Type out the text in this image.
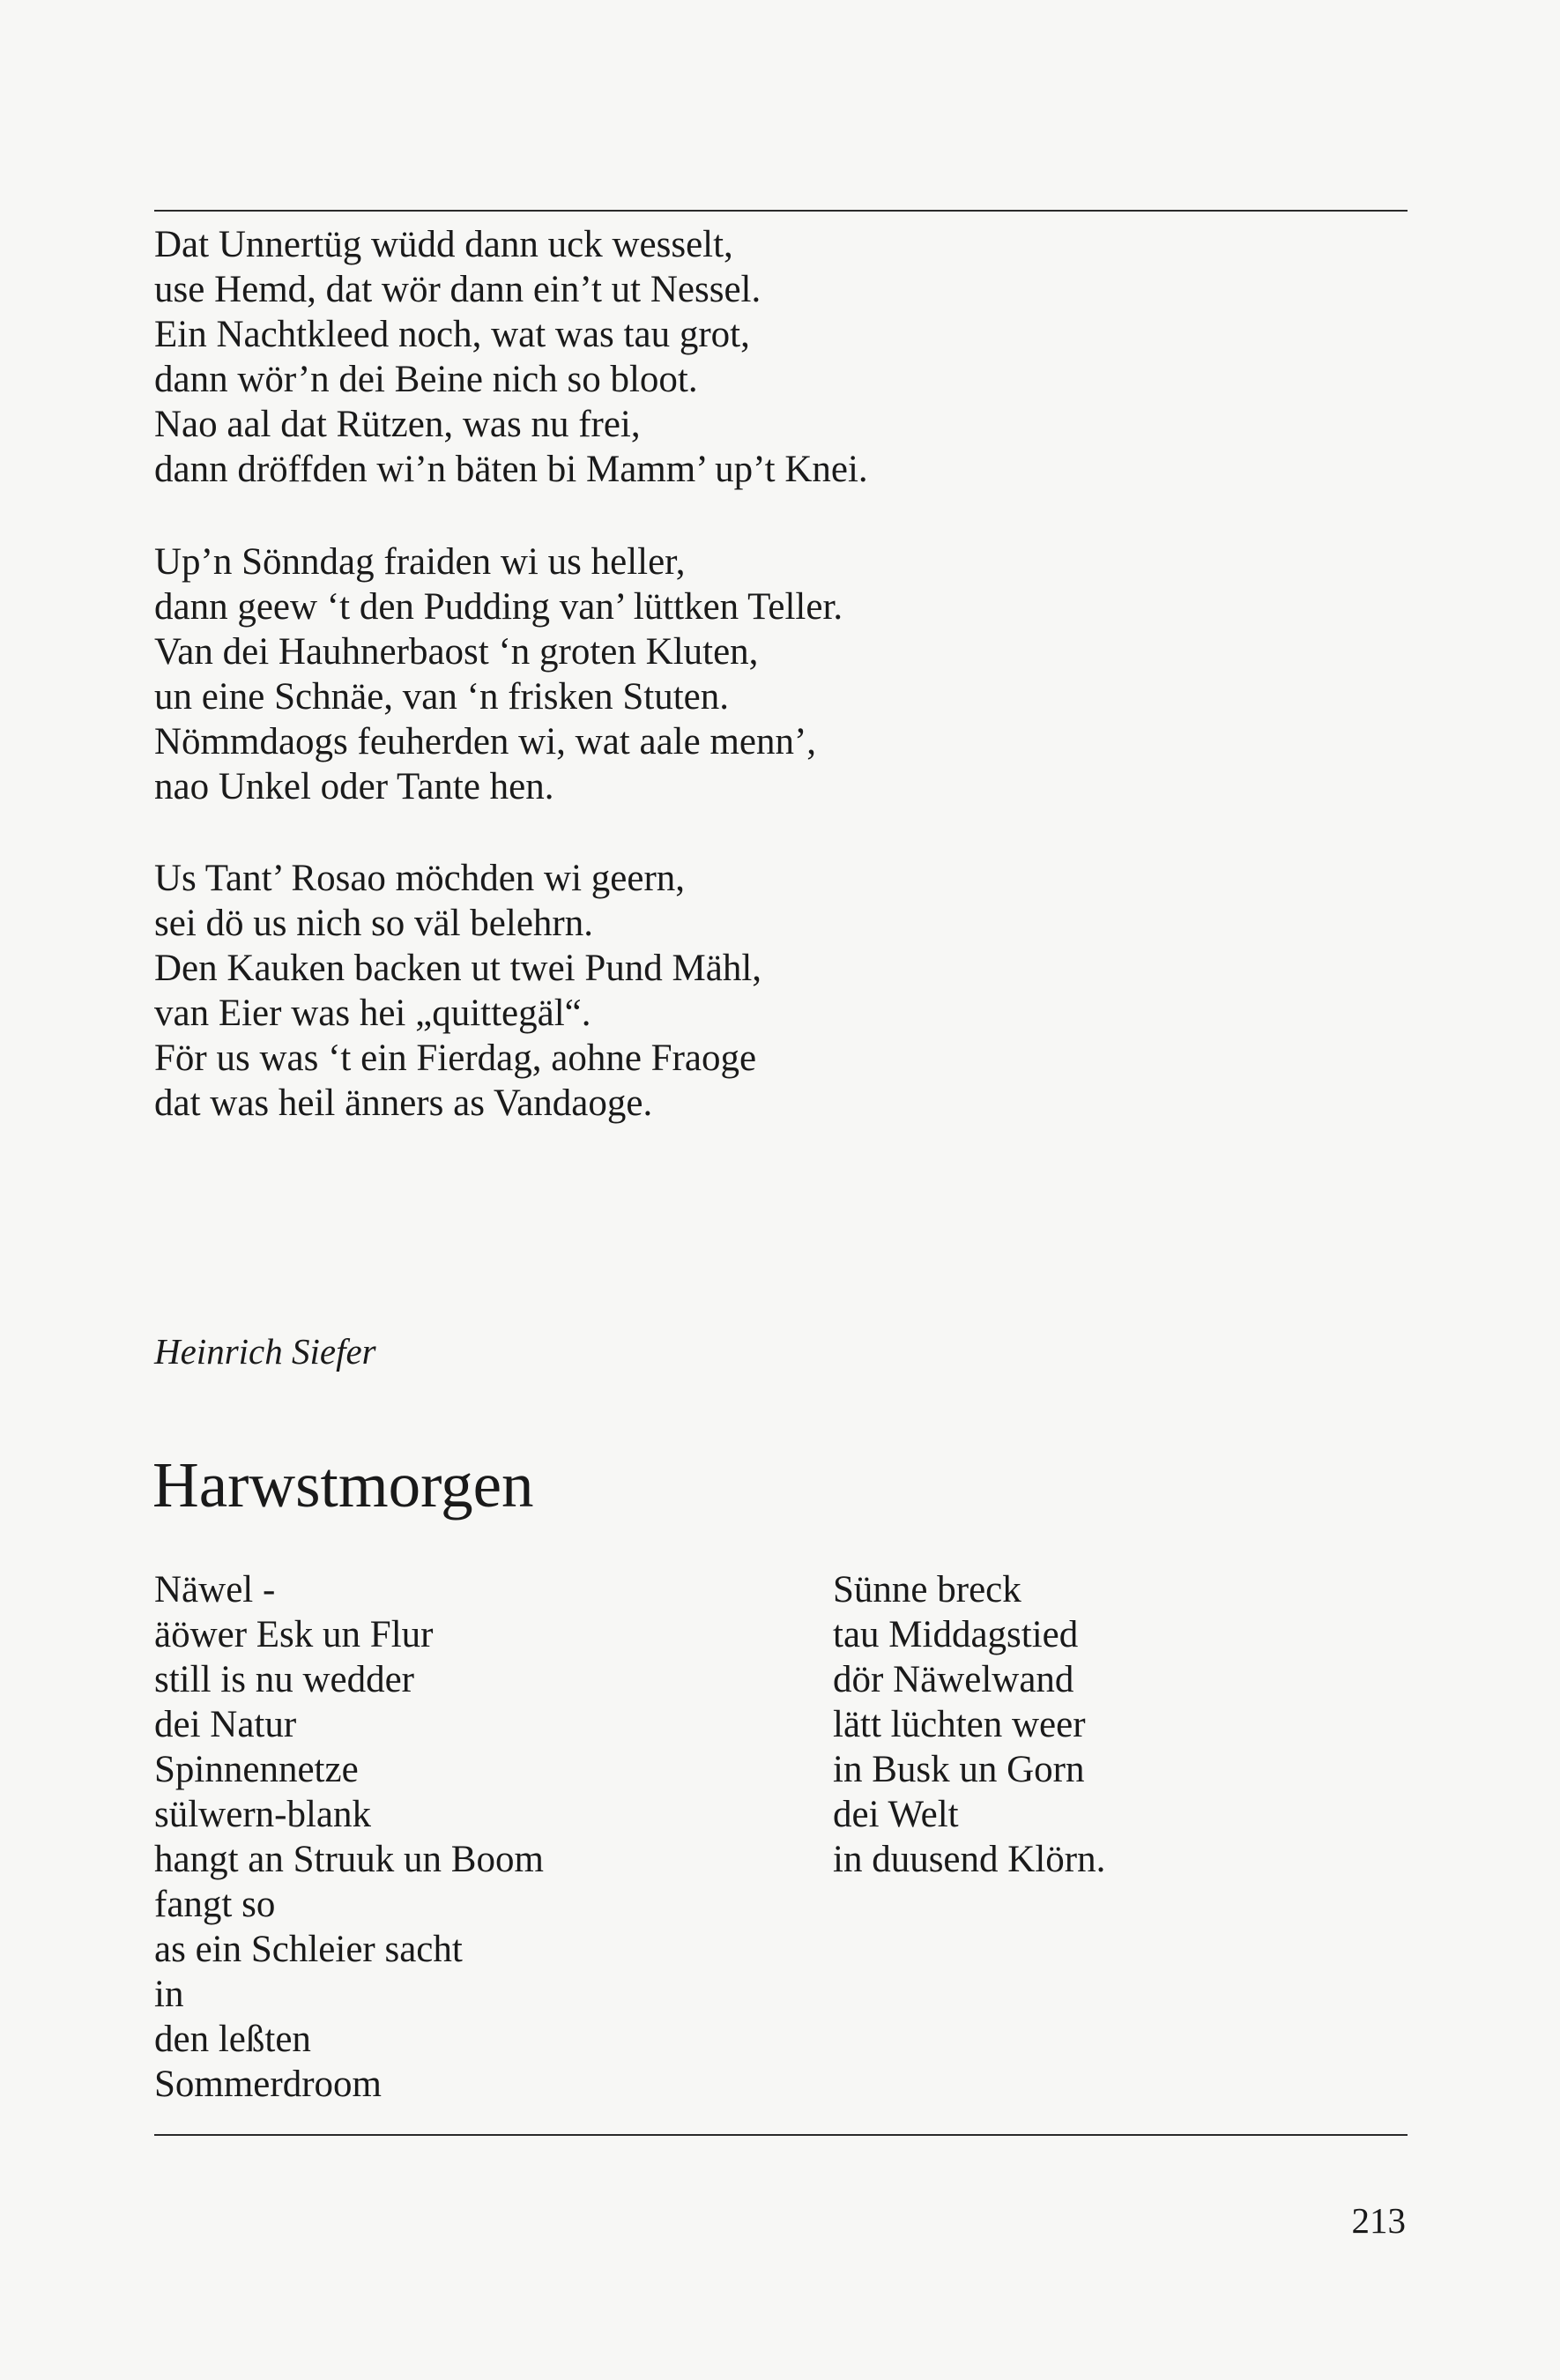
Dat Unnertüg wüdd dann uck wesselt,
use Hemd, dat wör dann ein’t ut Nessel.
Ein Nachtkleed noch, wat was tau grot,
dann wör’n dei Beine nich so bloot.
Nao aal dat Rützen, was nu frei,
dann dröffden wi’n bäten bi Mamm’ up’t Knei.
Up’n Sönndag fraiden wi us heller,
dann geew ‘t den Pudding van’ lüttken Teller.
Van dei Hauhnerbaost ‘n groten Kluten,
un eine Schnäe, van ‘n frisken Stuten.
Nömmdaogs feuherden wi, wat aale menn’,
nao Unkel oder Tante hen.
Us Tant’ Rosao möchden wi geern,
sei dö us nich so väl belehrn.
Den Kauken backen ut twei Pund Mähl,
van Eier was hei „quittegäl“.
För us was ‘t ein Fierdag, aohne Fraoge
dat was heil änners as Vandaoge.
Heinrich Siefer
Harwstmorgen
Näwel -
äöwer Esk un Flur
still is nu wedder
dei Natur
Spinnennetze
sülwern-blank
hangt an Struuk un Boom
fangt so
as ein Schleier sacht
in
den leßten
Sommerdroom
Sünne breck
tau Middagstied
dör Näwelwand
lätt lüchten weer
in Busk un Gorn
dei Welt
in duusend Klörn.
213
